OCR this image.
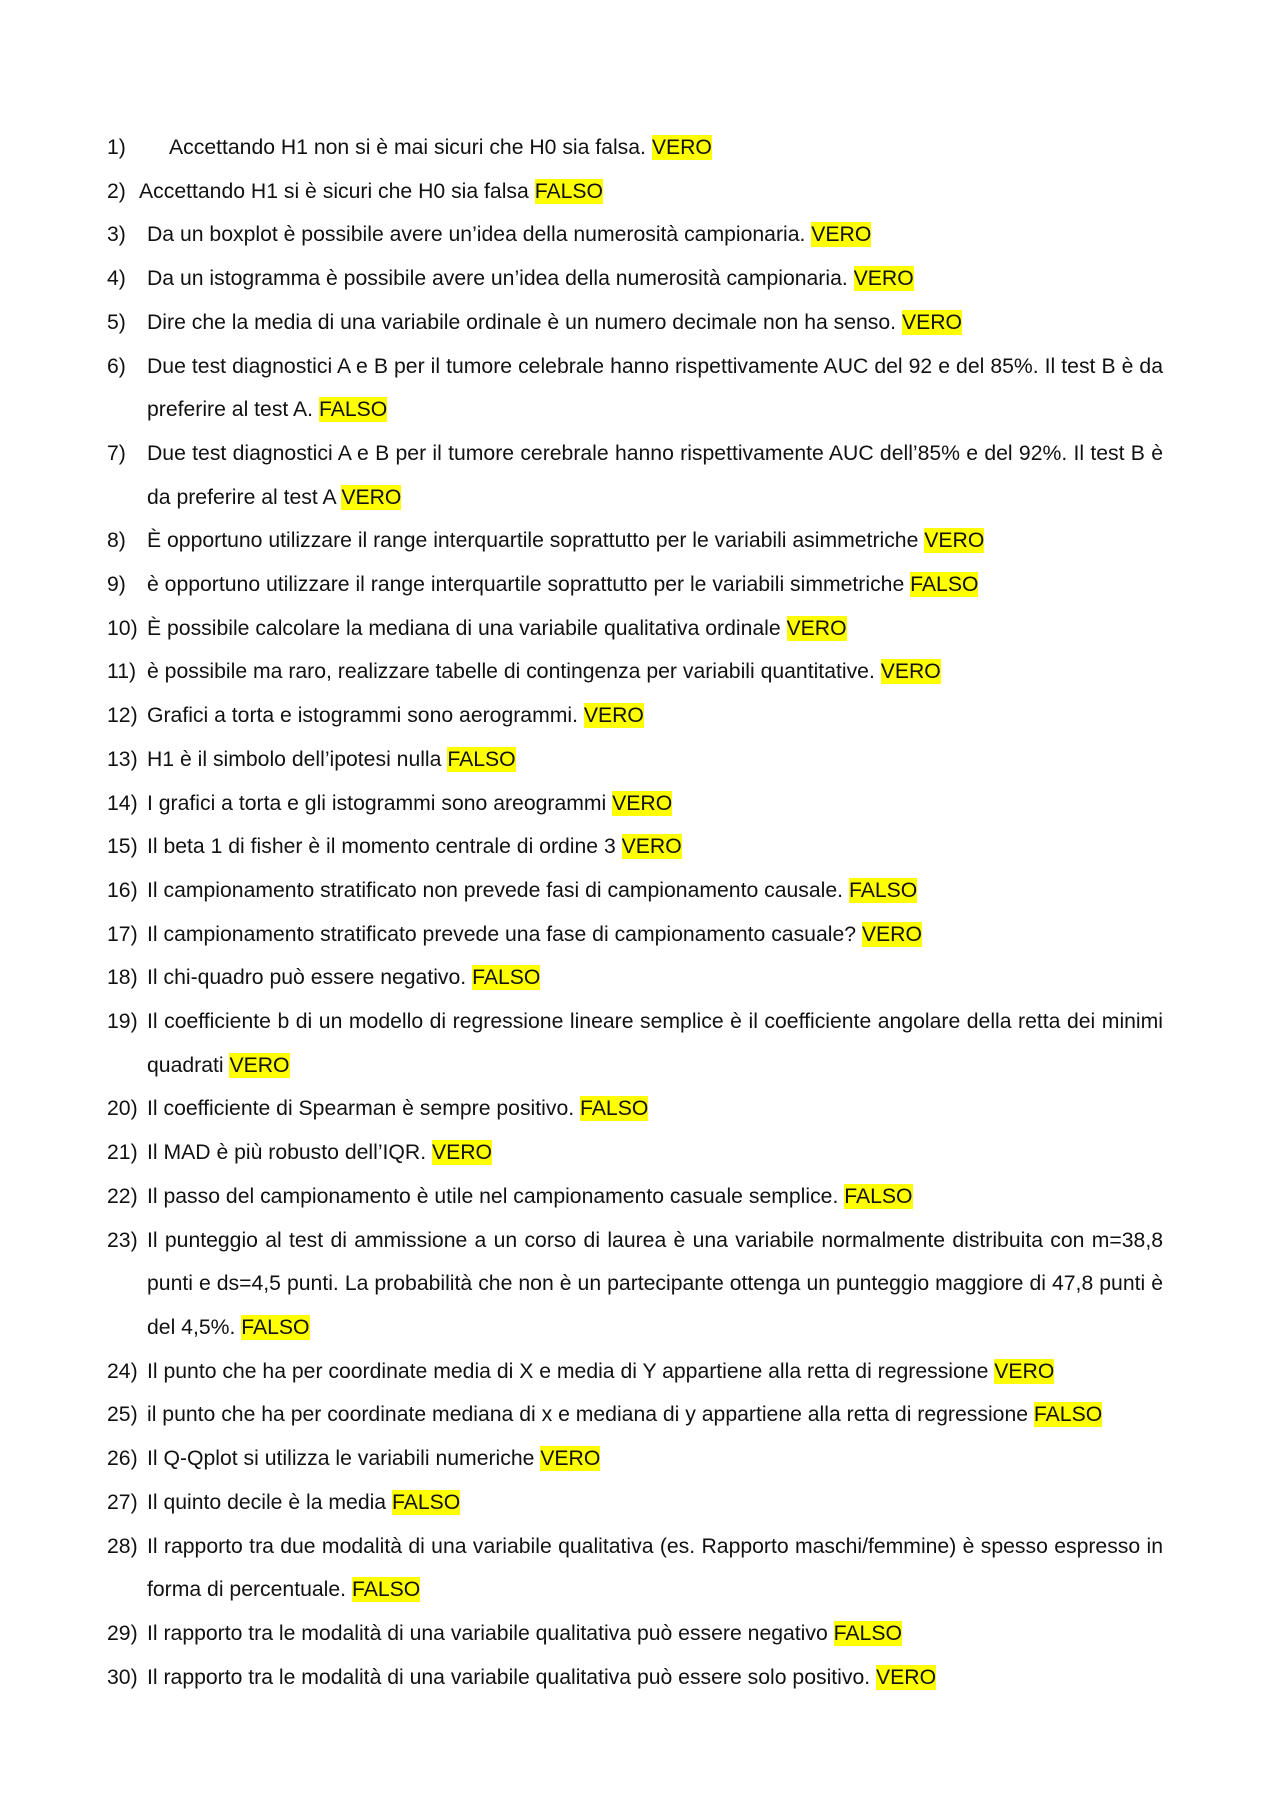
1) Accettando H1 non si è mai sicuri che H0 sia falsa. VERO
2) Accettando H1 si è sicuri che H0 sia falsa FALSO
3) Da un boxplot è possibile avere un’idea della numerosità campionaria. VERO
4) Da un istogramma è possibile avere un’idea della numerosità campionaria. VERO
5) Dire che la media di una variabile ordinale è un numero decimale non ha senso. VERO
6) Due test diagnostici A e B per il tumore celebrale hanno rispettivamente AUC del 92 e del 85%. Il test B è da preferire al test A. FALSO
7) Due test diagnostici A e B per il tumore cerebrale hanno rispettivamente AUC dell’85% e del 92%. Il test B è da preferire al test A VERO
8) È opportuno utilizzare il range interquartile soprattutto per le variabili asimmetriche VERO
9) è opportuno utilizzare il range interquartile soprattutto per le variabili simmetriche FALSO
10) È possibile calcolare la mediana di una variabile qualitativa ordinale VERO
11) è possibile ma raro, realizzare tabelle di contingenza per variabili quantitative. VERO
12) Grafici a torta e istogrammi sono aerogrammi. VERO
13) H1 è il simbolo dell’ipotesi nulla FALSO
14) I grafici a torta e gli istogrammi sono areogrammi VERO
15) Il beta 1 di fisher è il momento centrale di ordine 3 VERO
16) Il campionamento stratificato non prevede fasi di campionamento causale. FALSO
17) Il campionamento stratificato prevede una fase di campionamento casuale? VERO
18) Il chi-quadro può essere negativo. FALSO
19) Il coefficiente b di un modello di regressione lineare semplice è il coefficiente angolare della retta dei minimi quadrati VERO
20) Il coefficiente di Spearman è sempre positivo. FALSO
21) Il MAD è più robusto dell’IQR. VERO
22) Il passo del campionamento è utile nel campionamento casuale semplice. FALSO
23) Il punteggio al test di ammissione a un corso di laurea è una variabile normalmente distribuita con m=38,8 punti e ds=4,5 punti. La probabilità che non è un partecipante ottenga un punteggio maggiore di 47,8 punti è del 4,5%. FALSO
24) Il punto che ha per coordinate media di X e media di Y appartiene alla retta di regressione VERO
25) il punto che ha per coordinate mediana di x e mediana di y appartiene alla retta di regressione FALSO
26) Il Q-Qplot si utilizza le variabili numeriche VERO
27) Il quinto decile è la media FALSO
28) Il rapporto tra due modalità di una variabile qualitativa (es. Rapporto maschi/femmine) è spesso espresso in forma di percentuale. FALSO
29) Il rapporto tra le modalità di una variabile qualitativa può essere negativo FALSO
30) Il rapporto tra le modalità di una variabile qualitativa può essere solo positivo. VERO
